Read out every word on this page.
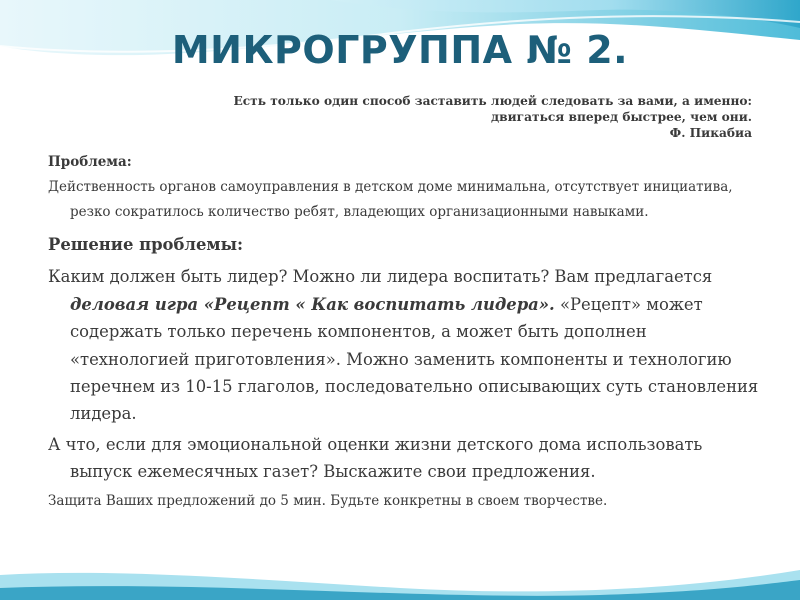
МИКРОГРУППА № 2.
Есть только один способ заставить людей следовать за вами, а именно:
двигаться вперед быстрее, чем они.
Ф. Пикабиа

Проблема:

Действенность органов самоуправления в детском доме минимальна, отсутствует инициатива, резко сократилось количество ребят, владеющих организационными навыками.

Решение проблемы:

Каким должен быть лидер? Можно ли лидера воспитать? Вам предлагается деловая игра «Рецепт « Как воспитать лидера». «Рецепт» может содержать только перечень компонентов, а может быть дополнен «технологией приготовления». Можно заменить компоненты и технологию перечнем из 10-15 глаголов, последовательно описывающих суть становления лидера.

А что, если для эмоциональной оценки жизни детского дома использовать выпуск ежемесячных газет? Выскажите свои предложения.

Защита Ваших предложений до 5 мин. Будьте конкретны в своем творчестве.
